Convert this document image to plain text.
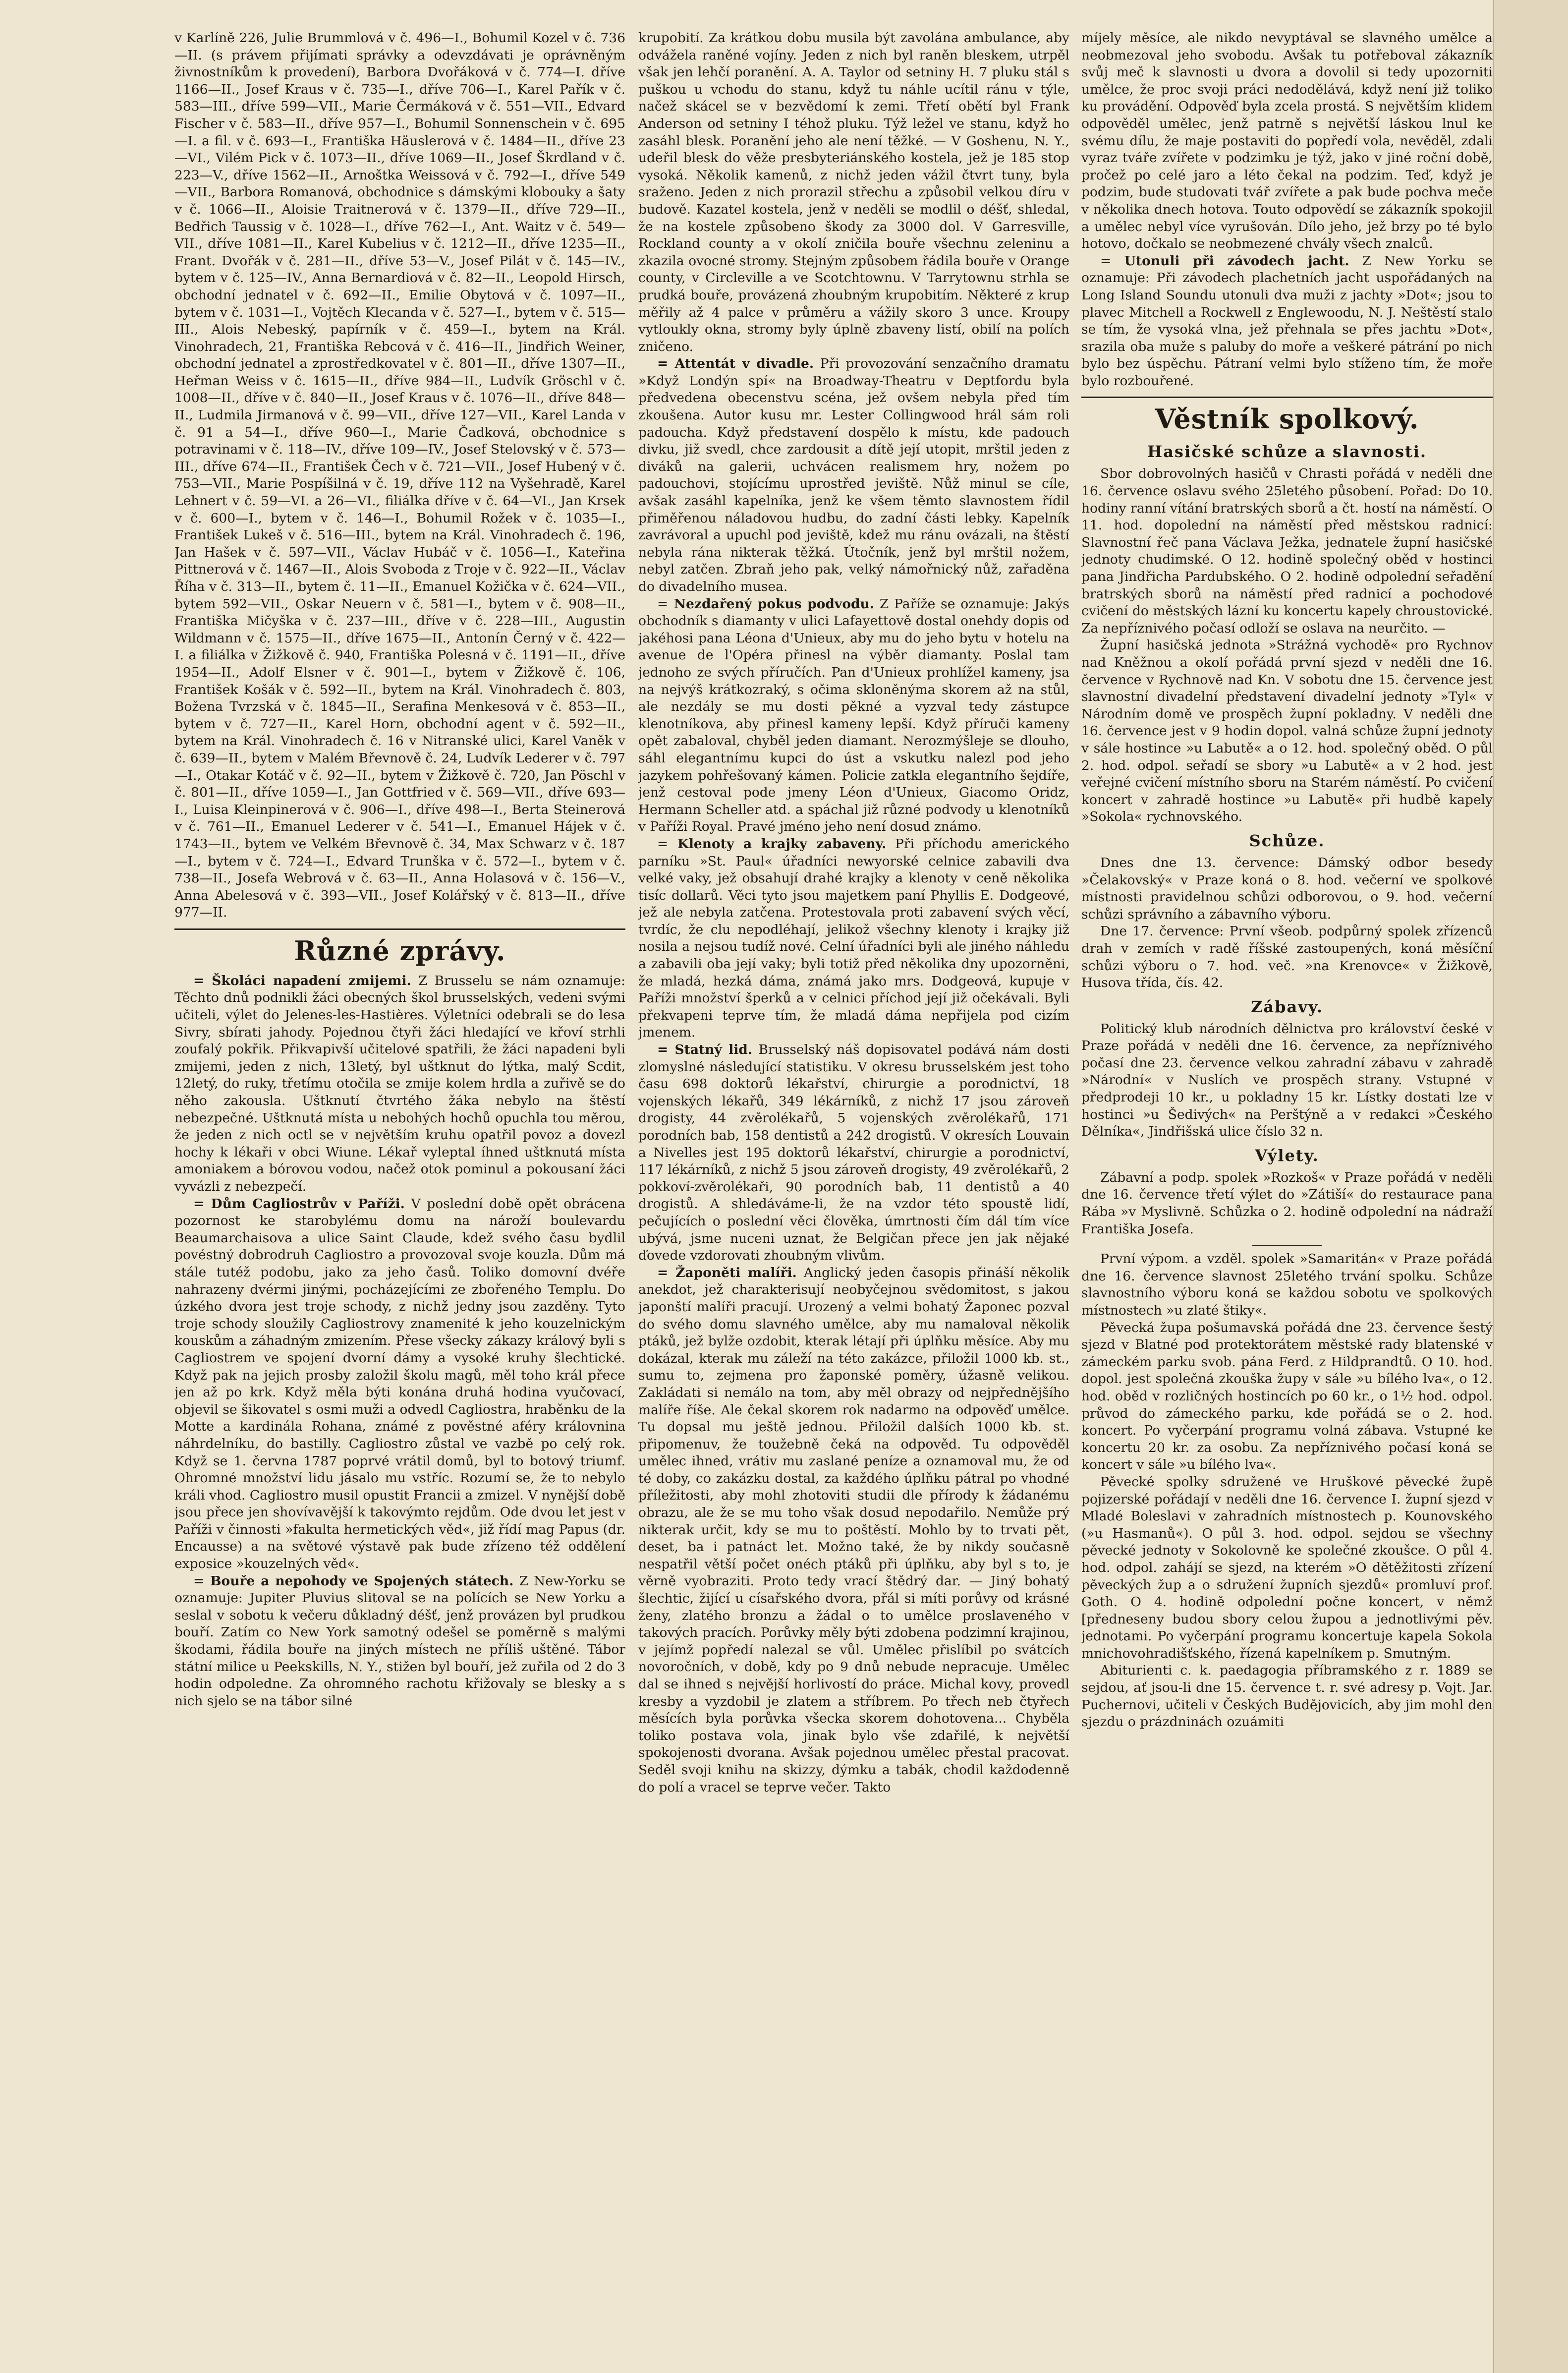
v Karlíně 226, Julie Brummlová v č. 496—I., Bohumil Kozel v č. 736—II. (s právem přijímati správky a odevzdávati je oprávněným živnostníkům k provedení), Barbora Dvořáková v č. 774—I. dříve 1166—II., Josef Kraus v č. 735—I., dříve 706—I., Karel Pařík v č. 583—III., dříve 599—VII., Marie Čermáková v č. 551—VII., Edvard Fischer v č. 583—II., dříve 957—I., Bohumil Sonnenschein v č. 695—I. a fil. v č. 693—I., Františka Häuslerová v č. 1484—II., dříve 23—VI., Vilém Pick v č. 1073—II., dříve 1069—II., Josef Škrdland v č. 223—V., dříve 1562—II., Arnoštka Weissová v č. 792—I., dříve 549—VII., Barbora Romanová, obchodnice s dámskými klobouky a šaty v č. 1066—II., Aloisie Traitnerová v č. 1379—II., dříve 729—II., Bedřich Taussig v č. 1028—I., dříve 762—I., Ant. Waitz v č. 549—VII., dříve 1081—II., Karel Kubelius v č. 1212—II., dříve 1235—II., Frant. Dvořák v č. 281—II., dříve 53—V., Josef Pilát v č. 145—IV., bytem v č. 125—IV., Anna Bernardiová v č. 82—II., Leopold Hirsch, obchodní jednatel v č. 692—II., Emilie Obytová v č. 1097—II., bytem v č. 1031—I., Vojtěch Klecanda v č. 527—I., bytem v č. 515—III., Alois Nebeský, papírník v č. 459—I., bytem na Král. Vinohradech, 21, Františka Rebcová v č. 416—II., Jindřich Weiner, obchodní jednatel a zprostředkovatel v č. 801—II., dříve 1307—II., Heřman Weiss v č. 1615—II., dříve 984—II., Ludvík Gröschl v č. 1008—II., dříve v č. 840—II., Josef Kraus v č. 1076—II., dříve 848—II., Ludmila Jirmanová v č. 99—VII., dříve 127—VII., Karel Landa v č. 91 a 54—I., dříve 960—I., Marie Čadková, obchodnice s potravinami v č. 118—IV., dříve 109—IV., Josef Stelovský v č. 573—III., dříve 674—II., František Čech v č. 721—VII., Josef Hubený v č. 753—VII., Marie Pospíšilná v č. 19, dříve 112 na Vyšehradě, Karel Lehnert v č. 59—VI. a 26—VI., filiálka dříve v č. 64—VI., Jan Krsek v č. 600—I., bytem v č. 146—I., Bohumil Rožek v č. 1035—I., František Lukeš v č. 516—III., bytem na Král. Vinohradech č. 196, Jan Hašek v č. 597—VII., Václav Hubáč v č. 1056—I., Kateřina Pittnerová v č. 1467—II., Alois Svoboda z Troje v č. 922—II., Václav Říha v č. 313—II., bytem č. 11—II., Emanuel Kožička v č. 624—VII., bytem 592—VII., Oskar Neuern v č. 581—I., bytem v č. 908—II., Františka Mičyška v č. 237—III., dříve v č. 228—III., Augustin Wildmann v č. 1575—II., dříve 1675—II., Antonín Černý v č. 422—I. a filiálka v Žižkově č. 940, Františka Polesná v č. 1191—II., dříve 1954—II., Adolf Elsner v č. 901—I., bytem v Žižkově č. 106, František Košák v č. 592—II., bytem na Král. Vinohradech č. 803, Božena Tvrzská v č. 1845—II., Serafina Menkesová v č. 853—II., bytem v č. 727—II., Karel Horn, obchodní agent v č. 592—II., bytem na Král. Vinohradech č. 16 v Nitranské ulici, Karel Vaněk v č. 639—II., bytem v Malém Břevnově č. 24, Ludvík Lederer v č. 797—I., Otakar Kotáč v č. 92—II., bytem v Žižkově č. 720, Jan Pöschl v č. 801—II., dříve 1059—I., Jan Gottfried v č. 569—VII., dříve 693—I., Luisa Kleinpinerová v č. 906—I., dříve 498—I., Berta Steinerová v č. 761—II., Emanuel Lederer v č. 541—I., Emanuel Hájek v č. 1743—II., bytem ve Velkém Břevnově č. 34, Max Schwarz v č. 187—I., bytem v č. 724—I., Edvard Trunška v č. 572—I., bytem v č. 738—II., Josefa Webrová v č. 63—II., Anna Holasová v č. 156—V., Anna Abelesová v č. 393—VII., Josef Kolářský v č. 813—II., dříve 977—II.

Různé zprávy.

= Školáci napadení zmijemi. Z Brusselu se nám oznamuje: Těchto dnů podnikli žáci obecných škol brusselských, vedeni svými učiteli, výlet do Jelenes-les-Hastières. Výletníci odebrali se do lesa Sivry, sbírati jahody. Pojednou čtyři žáci hledající ve křoví strhli zoufalý pokřik. Přikvapivší učitelové spatřili, že žáci napadeni byli zmijemi, jeden z nich, 13letý, byl uštknut do lýtka, malý Scdit, 12letý, do ruky, třetímu otočila se zmije kolem hrdla a zuřivě se do něho zakousla. Uštknutí čtvrtého žáka nebylo na štěstí nebezpečné. Uštknutá místa u nebohých hochů opuchla tou měrou, že jeden z nich octl se v největším kruhu opatřil povoz a dovezl hochy k lékaři v obci Wiune. Lékař vyleptal íhned uštknutá místa amoniakem a bórovou vodou, načež otok pominul a pokousaní žáci vyvázli z nebezpečí.

= Dům Cagliostrův v Paříži. V poslední době opět obrácena pozornost ke starobylému domu na nároží boulevardu Beaumarchaisova a ulice Saint Claude, kdež svého času bydlil povéstný dobrodruh Cagliostro a provozoval svoje kouzla. Dům má stále tutéž podobu, jako za jeho časů. Toliko domovní dvéře nahrazeny dvérmi jinými, pocházejícími ze zbořeného Templu. Do úzkého dvora jest troje schody, z nichž jedny jsou zazděny. Tyto troje schody sloužily Cagliostrovy znamenité k jeho kouzelnickým kouskům a záhadným zmizením. Přese všecky zákazy králový byli s Cagliostrem ve spojení dvorní dámy a vysoké kruhy šlechtické. Když pak na jejich prosby založil školu magů, měl toho král přece jen až po krk. Když měla býti konána druhá hodina vyučovací, objevil se šikovatel s osmi muži a odvedl Cagliostra, hraběnku de la Motte a kardinála Rohana, známé z pověstné aféry královnina náhrdelníku, do bastilly. Cagliostro zůstal ve vazbě po celý rok. Když se 1. června 1787 poprvé vrátil domů, byl to botový triumf. Ohromné množství lidu jásalo mu vstříc. Rozumí se, že to nebylo králi vhod. Cagliostro musil opustit Francii a zmizel. V nynější době jsou přece jen shovívavější k takovýmto rejdům. Ode dvou let jest v Paříži v činnosti »fakulta hermetických věd«, již řídí mag Papus (dr. Encausse) a na světové výstavě pak bude zřízeno též oddělení exposice »kouzelných věd«.

= Bouře a nepohody ve Spojených státech. Z New-Yorku se oznamuje: Jupiter Pluvius slitoval se na polících se New Yorku a seslal v sobotu k večeru důkladný déšť, jenž provázen byl prudkou bouří. Zatím co New York samotný odešel se poměrně s malými škodami, řádila bouře na jiných místech ne příliš uštěné. Tábor státní milice u Peekskills, N. Y., stižen byl bouří, jež zuřila od 2 do 3 hodin odpoledne. Za ohromného rachotu křižovaly se blesky a s nich sjelo se na tábor silné

krupobití. Za krátkou dobu musila být zavolána ambulance, aby odvážela raněné vojíny. Jeden z nich byl raněn bleskem, utrpěl však jen lehčí poranění. A. A. Taylor od setniny H. 7 pluku stál s puškou u vchodu do stanu, když tu náhle ucítil ránu v týle, načež skácel se v bezvědomí k zemi. Třetí obětí byl Frank Anderson od setniny I téhož pluku. Týž ležel ve stanu, když ho zasáhl blesk. Poranění jeho ale není těžké. — V Goshenu, N. Y., udeřil blesk do věže presbyteriánského kostela, jež je 185 stop vysoká. Několik kamenů, z nichž jeden vážil čtvrt tuny, byla sraženo. Jeden z nich prorazil střechu a způsobil velkou díru v budově. Kazatel kostela, jenž v neděli se modlil o déšť, shledal, že na kostele způsobeno škody za 3000 dol. V Garresville, Rockland county a v okolí zničila bouře všechnu zeleninu a zkazila ovocné stromy. Stejným způsobem řádila bouře v Orange county, v Circleville a ve Scotchtownu. V Tarrytownu strhla se prudká bouře, provázená zhoubným krupobitím. Některé z krup měřily až 4 palce v průměru a vážily skoro 3 unce. Kroupy vytloukly okna, stromy byly úplně zbaveny listí, obilí na polích zničeno.

= Attentát v divadle. Při provozování senzačního dramatu »Když Londýn spí« na Broadway-Theatru v Deptfordu byla předvedena obecenstvu scéna, jež ovšem nebyla před tím zkoušena. Autor kusu mr. Lester Collingwood hrál sám roli padoucha. Když představení dospělo k místu, kde padouch divku, již svedl, chce zardousit a dítě její utopit, mrštil jeden z diváků na galerii, uchvácen realismem hry, nožem po padouchovi, stojícímu uprostřed jeviště. Nůž minul se cíle, avšak zasáhl kapelníka, jenž ke všem těmto slavnostem řídil přiměřenou náladovou hudbu, do zadní části lebky. Kapelník zavrávoral a upuchl pod jeviště, kdež mu ránu ovázali, na štěstí nebyla rána nikterak těžká. Útočník, jenž byl mrštil nožem, nebyl zatčen. Zbraň jeho pak, velký námořnický nůž, zařaděna do divadelního musea.

= Nezdařený pokus podvodu. Z Paříže se oznamuje: Jakýs obchodník s diamanty v ulici Lafayettově dostal onehdy dopis od jakéhosi pana Léona d'Unieux, aby mu do jeho bytu v hotelu na avenue de l'Opéra přinesl na výběr diamanty. Poslal tam jednoho ze svých příručích. Pan d'Unieux prohlížel kameny, jsa na nejvýš krátkozraký, s očima skloněnýma skorem až na stůl, ale nezdály se mu dosti pěkné a vyzval tedy zástupce klenotníkova, aby přinesl kameny lepší. Když příruči kameny opět zabaloval, chyběl jeden diamant. Nerozmýšleje se dlouho, sáhl elegantnímu kupci do úst a vskutku nalezl pod jeho jazykem pohřešovaný kámen. Policie zatkla elegantního šejdíře, jenž cestoval pode jmeny Léon d'Unieux, Giacomo Oridz, Hermann Scheller atd. a spáchal již různé podvody u klenotníků v Paříži Royal. Pravé jméno jeho není dosud známo.

= Klenoty a krajky zabaveny. Při příchodu amerického parníku »St. Paul« úřadníci newyorské celnice zabavili dva velké vaky, jež obsahují drahé krajky a klenoty v ceně několika tisíc dollarů. Věci tyto jsou majetkem paní Phyllis E. Dodgeové, jež ale nebyla zatčena. Protestovala proti zabavení svých věcí, tvrdíc, že clu nepodléhají, jelikož všechny klenoty i krajky již nosila a nejsou tudíž nové. Celní úřadníci byli ale jiného náhledu a zabavili oba její vaky; byli totiž před několika dny upozorněni, že mladá, hezká dáma, známá jako mrs. Dodgeová, kupuje v Paříži množství šperků a v celnici příchod její již očekávali. Byli překvapeni teprve tím, že mladá dáma nepřijela pod cizím jmenem.

= Statný lid. Brusselský náš dopisovatel podává nám dosti zlomyslné následující statistiku. V okresu brusselském jest toho času 698 doktorů lékařství, chirurgie a porodnictví, 18 vojenských lékařů, 349 lékárníků, z nichž 17 jsou zároveň drogisty, 44 zvěrolékařů, 5 vojenských zvěrolékařů, 171 porodních bab, 158 dentistů a 242 drogistů. V okresích Louvain a Nivelles jest 195 doktorů lékařství, chirurgie a porodnictví, 117 lékárníků, z nichž 5 jsou zároveň drogisty, 49 zvěrolékařů, 2 pokkoví-zvěrolékaři, 90 porodních bab, 11 dentistů a 40 drogistů. A shledáváme-li, že na vzdor této spoustě lidí, pečujících o poslední věci člověka, úmrtnosti čím dál tím více ubývá, jsme nuceni uznat, že Belgičan přece jen jak nějaké ďovede vzdorovati zhoubným vlivům.

= Žaponěti malíři. Anglický jeden časopis přináší několik anekdot, jež charakterisují neobyčejnou svědomitost, s jakou japonští malíři pracují. Urozený a velmi bohatý Žaponec pozval do svého domu slavného umělce, aby mu namaloval několik ptáků, jež bylže ozdobit, kterak létají při úplňku měsíce. Aby mu dokázal, kterak mu záleží na této zakázce, přiložil 1000 kb. st., sumu to, zejmena pro žaponské poměry, úžasně velikou. Zakládati si nemálo na tom, aby měl obrazy od nejpřednějšího malíře říše. Ale čekal skorem rok nadarmo na odpověď umělce. Tu dopsal mu ještě jednou. Přiložil dalších 1000 kb. st. připomenuv, že toužebně čeká na odpověd. Tu odpověděl umělec ihned, vrátiv mu zaslané peníze a oznamoval mu, že od té doby, co zakázku dostal, za každého úplňku pátral po vhodné příležitosti, aby mohl zhotoviti studii dle přírody k žádanému obrazu, ale že se mu toho však dosud nepodařilo. Nemůže prý nikterak určit, kdy se mu to poštěstí. Mohlo by to trvati pět, deset, ba i patnáct let. Možno také, že by nikdy současně nespatřil větší počet onéch ptáků při úplňku, aby byl s to, je věrně vyobraziti. Proto tedy vrací štědrý dar. — Jiný bohatý šlechtic, žijící u císařského dvora, přál si míti porůvy od krásné ženy, zlatého bronzu a žádal o to umělce proslaveného v takových pracích. Porůvky měly býti zdobena podzimní krajinou, v jejímž popředí nalezal se vůl. Umělec přislíbil po svátcích novoročních, v době, kdy po 9 dnů nebude nepracuje. Umělec dal se ihned s nejvější horlivostí do práce. Michal kovy, provedl kresby a vyzdobil je zlatem a stříbrem. Po třech neb čtyřech měsících byla porůvka všecka skorem dohotovena... Chyběla toliko postava vola, jinak bylo vše zdařilé, k největší spokojenosti dvorana. Avšak pojednou umělec přestal pracovat. Seděl svoji knihu na skizzy, dýmku a tabák, chodil každodenně do polí a vracel se teprve večer. Takto

míjely měsíce, ale nikdo nevyptával se slavného umělce a neobmezoval jeho svobodu. Avšak tu potřeboval zákazník svůj meč k slavnosti u dvora a dovolil si tedy upozorniti umělce, že proc svoji práci nedodělává, když není již toliko ku provádění. Odpověď byla zcela prostá. S největším klidem odpověděl umělec, jenž patrně s největší láskou lnul ke svému dílu, že maje postaviti do popředí vola, nevěděl, zdali vyraz tváře zvířete v podzimku je týž, jako v jiné roční době, pročež po celé jaro a léto čekal na podzim. Teď, když je podzim, bude studovati tvář zvířete a pak bude pochva meče v několika dnech hotova. Touto odpovědí se zákazník spokojil a umělec nebyl více vyrušován. Dílo jeho, jež brzy po té bylo hotovo, dočkalo se neobmezené chvály všech znalců.

= Utonuli při závodech jacht. Z New Yorku se oznamuje: Při závodech plachetních jacht uspořádaných na Long Island Soundu utonuli dva muži z jachty »Dot«; jsou to plavec Mitchell a Rockwell z Englewoodu, N. J. Neštěstí stalo se tím, že vysoká vlna, jež přehnala se přes jachtu »Dot«, srazila oba muže s paluby do moře a veškeré pátrání po nich bylo bez úspěchu. Pátraní velmi bylo stíženo tím, že moře bylo rozbouřené.

Věstník spolkový.
Hasičské schůze a slavnosti.

Sbor dobrovolných hasičů v Chrasti pořádá v neděli dne 16. července oslavu svého 25letého působení. Pořad: Do 10. hodiny ranní vítání bratrských sborů a čt. hostí na náměstí. O 11. hod. dopolední na náměstí před městskou radnicí: Slavnostní řeč pana Václava Ježka, jednatele župní hasičské jednoty chudimské. O 12. hodině společný oběd v hostinci pana Jindřicha Pardubského. O 2. hodině odpolední seřadění bratrských sborů na náměstí před radnicí a pochodové cvičení do městských lázní ku koncertu kapely chroustovické. Za nepříznivého počasí odloží se oslava na neurčito. —

Župní hasičská jednota »Strážná vychodě« pro Rychnov nad Kněžnou a okolí pořádá první sjezd v neděli dne 16. července v Rychnově nad Kn. V sobotu dne 15. července jest slavnostní divadelní představení divadelní jednoty »Tyl« v Národním domě ve prospěch župní pokladny. V neděli dne 16. července jest v 9 hodin dopol. valná schůze župní jednoty v sále hostince »u Labutě« a o 12. hod. společný oběd. O půl 2. hod. odpol. seřadí se sbory »u Labutě« a v 2 hod. jest veřejné cvičení místního sboru na Starém náměstí. Po cvičení koncert v zahradě hostince »u Labutě« při hudbě kapely »Sokola« rychnovského.

Schůze.

Dnes dne 13. července: Dámský odbor besedy »Čelakovský« v Praze koná o 8. hod. večerní ve spolkové místnosti pravidelnou schůzi odborovou, o 9. hod. večerní schůzi správního a zábavního výboru.

Dne 17. července: První všeob. podpůrný spolek zřízenců drah v zemích v radě říšské zastoupených, koná měsíční schůzi výboru o 7. hod. več. »na Krenovce« v Žižkově, Husova třída, čís. 42.

Zábavy.

Politický klub národních dělnictva pro království české v Praze pořádá v neděli dne 16. července, za nepříznivého počasí dne 23. července velkou zahradní zábavu v zahradě »Národní« v Nuslích ve prospěch strany. Vstupné v předprodeji 10 kr., u pokladny 15 kr. Lístky dostati lze v hostinci »u Šedivých« na Perštýně a v redakci »Českého Dělníka«, Jindřišská ulice číslo 32 n.

Výlety.

Zábavní a podp. spolek »Rozkoš« v Praze pořádá v neděli dne 16. července třetí výlet do »Zátiší« do restaurace pana Rába »v Myslivně. Schůzka o 2. hodině odpolední na nádraží Františka Josefa.

První výpom. a vzděl. spolek »Samaritán« v Praze pořádá dne 16. července slavnost 25letého trvání spolku. Schůze slavnostního výboru koná se každou sobotu ve spolkových místnostech »u zlaté štiky«.

Pěvecká župa pošumavská pořádá dne 23. července šestý sjezd v Blatné pod protektorátem městské rady blatenské v zámeckém parku svob. pána Ferd. z Hildprandtů. O 10. hod. dopol. jest společná zkouška župy v sále »u bílého lva«, o 12. hod. oběd v rozličných hostincích po 60 kr., o 1½ hod. odpol. průvod do zámeckého parku, kde pořádá se o 2. hod. koncert. Po vyčerpání programu volná zábava. Vstupné ke koncertu 20 kr. za osobu. Za nepříznivého počasí koná se koncert v sále »u bílého lva«.

Pěvecké spolky sdružené ve Hruškové pěvecké župě pojizerské pořádají v neděli dne 16. července I. župní sjezd v Mladé Boleslavi v zahradních místnostech p. Kounovského (»u Hasmanů«). O půl 3. hod. odpol. sejdou se všechny pěvecké jednoty v Sokolovně ke společné zkoušce. O půl 4. hod. odpol. zahájí se sjezd, na kterém »O dětěžitosti zřízení pěveckých žup a o sdružení župních sjezdů« promluví prof. Goth. O 4. hodině odpolední počne koncert, v němž [předneseny budou sbory celou župou a jednotlivými pěv. jednotami. Po vyčerpání programu koncertuje kapela Sokola mnichovohradišťského, řízená kapelníkem p. Smutným.

Abiturienti c. k. paedagogia příbramského z r. 1889 se sejdou, ať jsou-li dne 15. července t. r. své adresy p. Vojt. Jar. Puchernovi, učiteli v Českých Budějovicích, aby jim mohl den sjezdu o prázdninách ozuámiti
